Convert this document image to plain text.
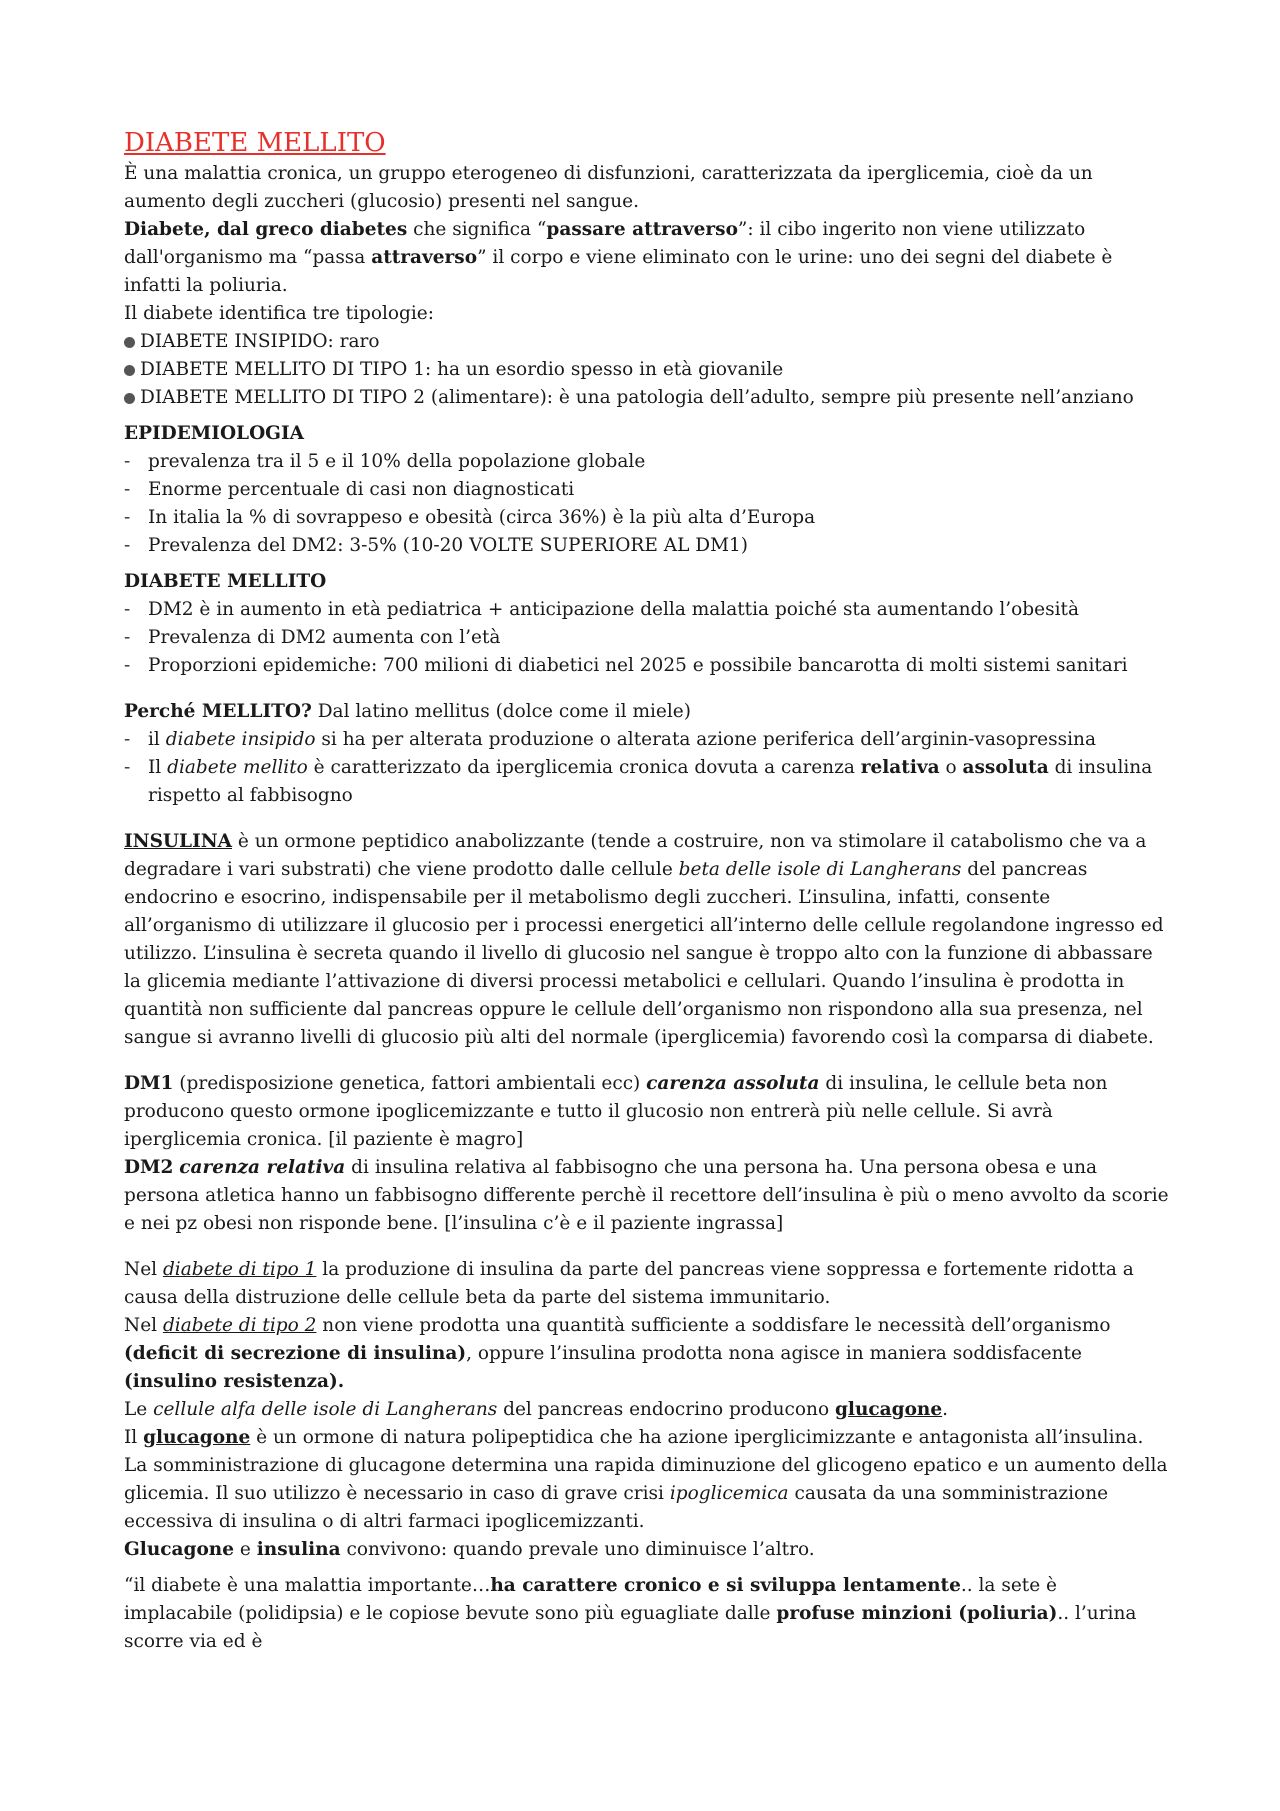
DIABETE MELLITO

È una malattia cronica, un gruppo eterogeneo di disfunzioni, caratterizzata da iperglicemia, cioè da un aumento degli zuccheri (glucosio) presenti nel sangue.

Diabete, dal greco diabetes che significa “passare attraverso”: il cibo ingerito non viene utilizzato dall'organismo ma “passa attraverso” il corpo e viene eliminato con le urine: uno dei segni del diabete è infatti la poliuria.

Il diabete identifica tre tipologie:

DIABETE INSIPIDO: raro
DIABETE MELLITO DI TIPO 1: ha un esordio spesso in età giovanile
DIABETE MELLITO DI TIPO 2 (alimentare): è una patologia dell’adulto, sempre più presente nell’anziano

EPIDEMIOLOGIA

- prevalenza tra il 5 e il 10% della popolazione globale
- Enorme percentuale di casi non diagnosticati
- In italia la % di sovrappeso e obesità (circa 36%) è la più alta d’Europa
- Prevalenza del DM2: 3-5% (10-20 VOLTE SUPERIORE AL DM1)

DIABETE MELLITO

- DM2 è in aumento in età pediatrica + anticipazione della malattia poiché sta aumentando l’obesità
- Prevalenza di DM2 aumenta con l’età
- Proporzioni epidemiche: 700 milioni di diabetici nel 2025 e possibile bancarotta di molti sistemi sanitari

Perché MELLITO? Dal latino mellitus (dolce come il miele)

- il diabete insipido si ha per alterata produzione o alterata azione periferica dell’arginin-vasopressina
- Il diabete mellito è caratterizzato da iperglicemia cronica dovuta a carenza relativa o assoluta di insulina rispetto al fabbisogno

INSULINA è un ormone peptidico anabolizzante (tende a costruire, non va stimolare il catabolismo che va a degradare i vari substrati) che viene prodotto dalle cellule beta delle isole di Langherans del pancreas endocrino e esocrino, indispensabile per il metabolismo degli zuccheri. L’insulina, infatti, consente all’organismo di utilizzare il glucosio per i processi energetici all’interno delle cellule regolandone ingresso ed utilizzo. L’insulina è secreta quando il livello di glucosio nel sangue è troppo alto con la funzione di abbassare la glicemia mediante l’attivazione di diversi processi metabolici e cellulari. Quando l’insulina è prodotta in quantità non sufficiente dal pancreas oppure le cellule dell’organismo non rispondono alla sua presenza, nel sangue si avranno livelli di glucosio più alti del normale (iperglicemia) favorendo così la comparsa di diabete.

DM1 (predisposizione genetica, fattori ambientali ecc) carenza assoluta di insulina, le cellule beta non producono questo ormone ipoglicemizzante e tutto il glucosio non entrerà più nelle cellule. Si avrà iperglicemia cronica. [il paziente è magro]

DM2 carenza relativa di insulina relativa al fabbisogno che una persona ha. Una persona obesa e una persona atletica hanno un fabbisogno differente perchè il recettore dell’insulina è più o meno avvolto da scorie e nei pz obesi non risponde bene. [l’insulina c’è e il paziente ingrassa]

Nel diabete di tipo 1 la produzione di insulina da parte del pancreas viene soppressa e fortemente ridotta a causa della distruzione delle cellule beta da parte del sistema immunitario.

Nel diabete di tipo 2 non viene prodotta una quantità sufficiente a soddisfare le necessità dell’organismo (deficit di secrezione di insulina), oppure l’insulina prodotta nona agisce in maniera soddisfacente (insulino resistenza).

Le cellule alfa delle isole di Langherans del pancreas endocrino producono glucagone.

Il glucagone è un ormone di natura polipeptidica che ha azione iperglicimizzante e antagonista all’insulina. La somministrazione di glucagone determina una rapida diminuzione del glicogeno epatico e un aumento della glicemia. Il suo utilizzo è necessario in caso di grave crisi ipoglicemica causata da una somministrazione eccessiva di insulina o di altri farmaci ipoglicemizzanti.

Glucagone e insulina convivono: quando prevale uno diminuisce l’altro.

“il diabete è una malattia importante…ha carattere cronico e si sviluppa lentamente.. la sete è implacabile (polidipsia) e le copiose bevute sono più eguagliate dalle profuse minzioni (poliuria).. l’urina scorre via ed è
